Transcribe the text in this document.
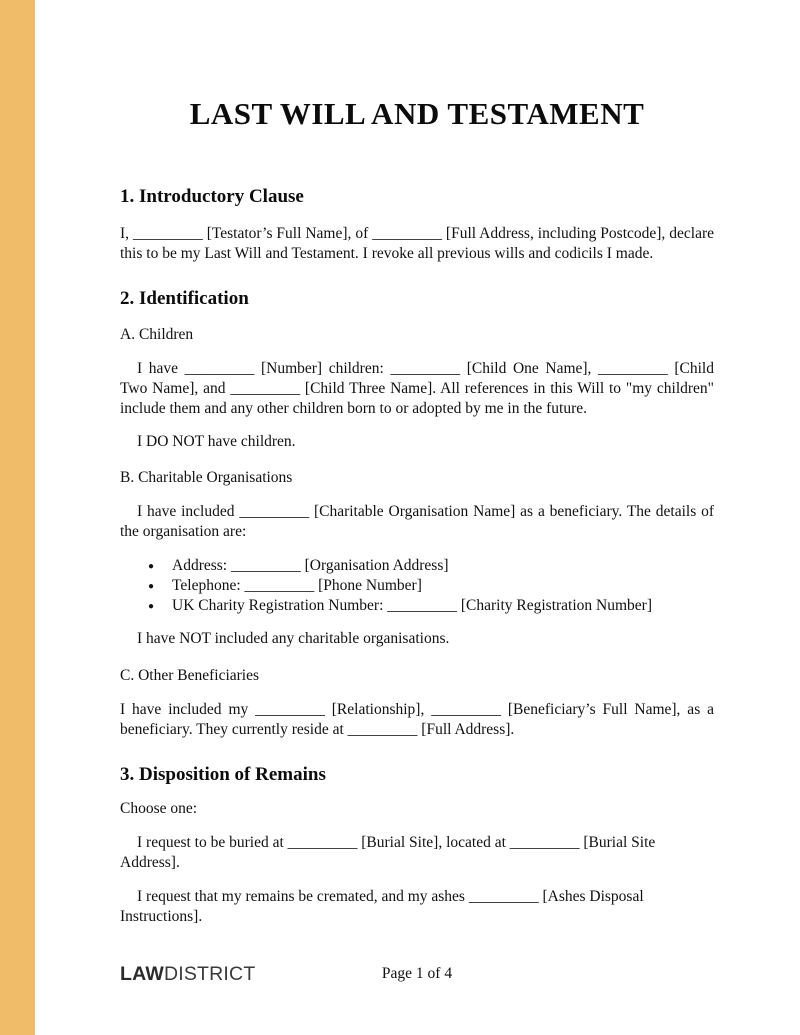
LAST WILL AND TESTAMENT
1. Introductory Clause

I, _________ [Testator’s Full Name], of _________ [Full Address, including Postcode], declare this to be my Last Will and Testament. I revoke all previous wills and codicils I made.

2. Identification

A. Children

I have _________ [Number] children: _________ [Child One Name], _________ [Child Two Name], and _________ [Child Three Name]. All references in this Will to "my children" include them and any other children born to or adopted by me in the future.

I DO NOT have children.

B. Charitable Organisations

I have included _________ [Charitable Organisation Name] as a beneficiary. The details of the organisation are:

● Address: _________ [Organisation Address]
● Telephone: _________ [Phone Number]
● UK Charity Registration Number: _________ [Charity Registration Number]

I have NOT included any charitable organisations.

C. Other Beneficiaries

I have included my _________ [Relationship], _________ [Beneficiary’s Full Name], as a beneficiary. They currently reside at _________ [Full Address].

3. Disposition of Remains

Choose one:

I request to be buried at _________ [Burial Site], located at _________ [Burial Site Address].

I request that my remains be cremated, and my ashes _________ [Ashes Disposal Instructions].

LAWDISTRICT	Page 1 of 4
